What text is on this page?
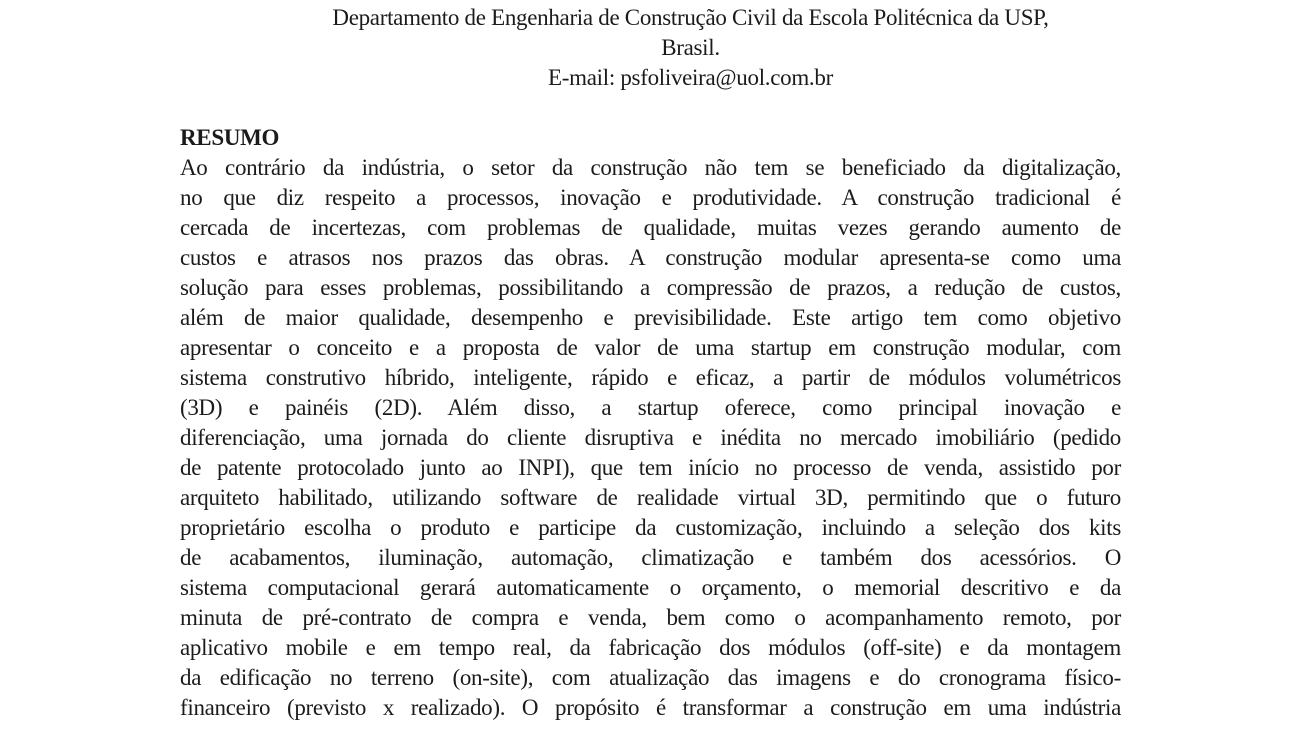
Departamento de Engenharia de Construção Civil da Escola Politécnica da USP,
Brasil.
E-mail: psfoliveira@uol.com.br
RESUMO
Ao contrário da indústria, o setor da construção não tem se beneficiado da digitalização,
no que diz respeito a processos, inovação e produtividade. A construção tradicional é
cercada de incertezas, com problemas de qualidade, muitas vezes gerando aumento de
custos e atrasos nos prazos das obras. A construção modular apresenta-se como uma
solução para esses problemas, possibilitando a compressão de prazos, a redução de custos,
além de maior qualidade, desempenho e previsibilidade. Este artigo tem como objetivo
apresentar o conceito e a proposta de valor de uma startup em construção modular, com
sistema construtivo híbrido, inteligente, rápido e eficaz, a partir de módulos volumétricos
(3D) e painéis (2D). Além disso, a startup oferece, como principal inovação e
diferenciação, uma jornada do cliente disruptiva e inédita no mercado imobiliário (pedido
de patente protocolado junto ao INPI), que tem início no processo de venda, assistido por
arquiteto habilitado, utilizando software de realidade virtual 3D, permitindo que o futuro
proprietário escolha o produto e participe da customização, incluindo a seleção dos kits
de acabamentos, iluminação, automação, climatização e também dos acessórios. O
sistema computacional gerará automaticamente o orçamento, o memorial descritivo e da
minuta de pré-contrato de compra e venda, bem como o acompanhamento remoto, por
aplicativo mobile e em tempo real, da fabricação dos módulos (off-site) e da montagem
da edificação no terreno (on-site), com atualização das imagens e do cronograma físico-
financeiro (previsto x realizado). O propósito é transformar a construção em uma indústria
